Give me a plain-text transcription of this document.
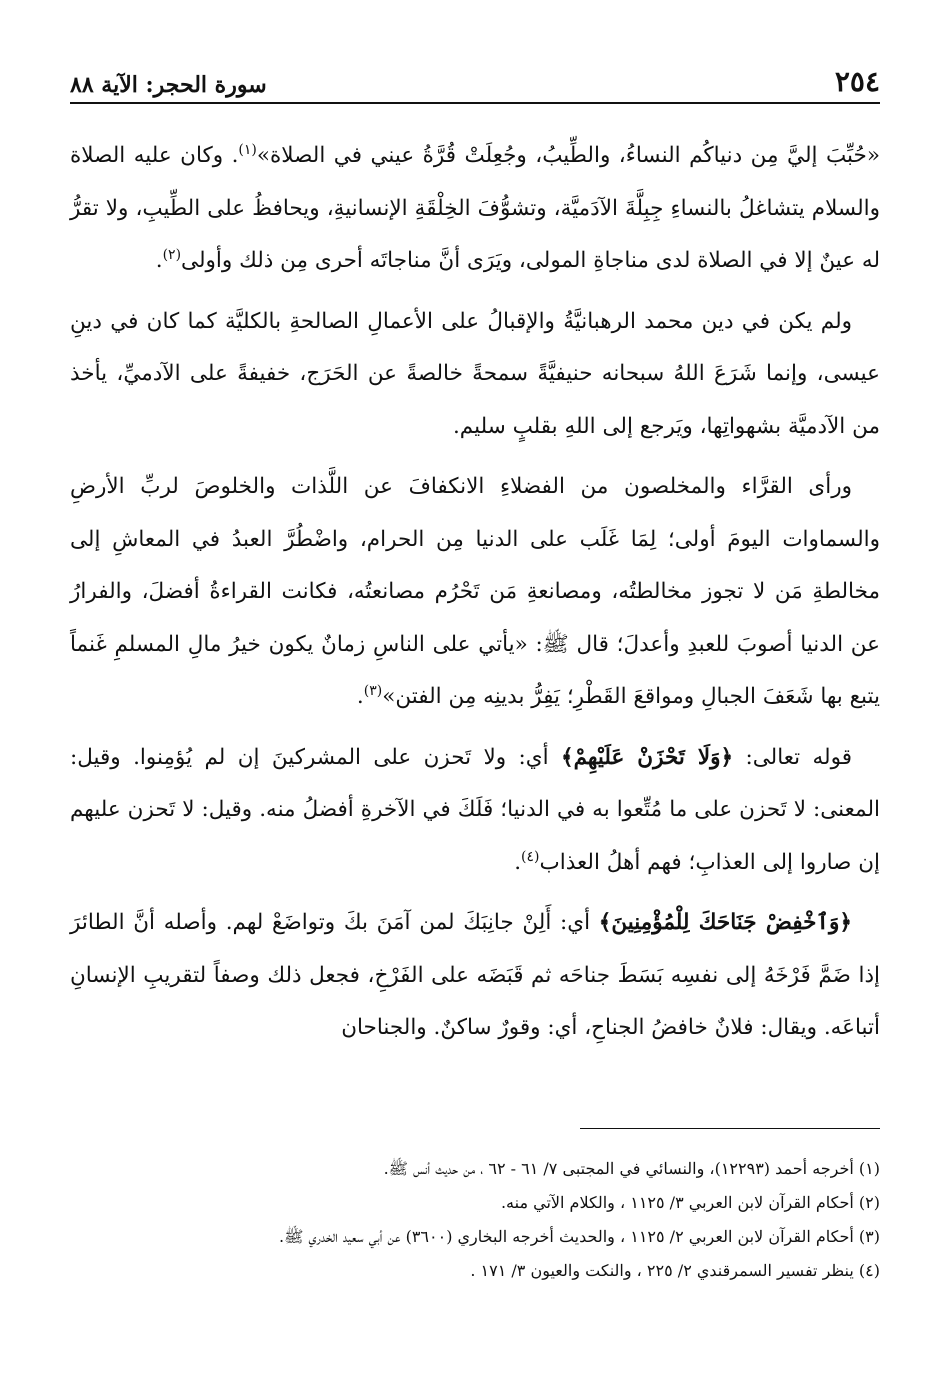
٢٥٤
سورة الحجر: الآية ٨٨

«حُبِّبَ إليَّ مِن دنياكُم النساءُ، والطِّيبُ، وجُعِلَتْ قُرَّةُ عيني في الصلاة»$^{(١)}$. وكان عليه الصلاة والسلام يتشاغلُ بالنساءِ جِبِلَّةَ الآدَميَّة، وتشوُّفَ الخِلْقَةِ الإنسانيةِ، ويحافظُ على الطِّيبِ، ولا تقرُّ له عينٌ إلا في الصلاة لدى مناجاةِ المولى، ويَرَى أنَّ مناجاتَه أحرى مِن ذلك وأولى$^{(٢)}$.

ولم يكن في دين محمد الرهبانيَّةُ والإقبالُ على الأعمالِ الصالحةِ بالكليَّة كما كان في دينِ عيسى، وإنما شَرَعَ اللهُ سبحانه حنيفيَّةً سمحةً خالصةً عن الحَرَج، خفيفةً على الآدميِّ، يأخذ من الآدميَّة بشهواتِها، ويَرجع إلى اللهِ بقلبٍ سليم.

ورأى القرَّاء والمخلصون من الفضلاءِ الانكفافَ عن اللَّذات والخلوصَ لربِّ الأرضِ والسماوات اليومَ أولى؛ لِمَا غَلَب على الدنيا مِن الحرام، واضْطُرَّ العبدُ في المعاشِ إلى مخالطةِ مَن لا تجوز مخالطتُه، ومصانعةِ مَن تَحْرُم مصانعتُه، فكانت القراءةُ أفضلَ، والفرارُ عن الدنيا أصوبَ للعبدِ وأعدلَ؛ قال ﷺ: «يأتي على الناسِ زمانٌ يكون خيرُ مالِ المسلمِ غَنماً يتبع بها شَعَفَ الجبالِ ومواقعَ القَطْرِ؛ يَفِرُّ بدينِه مِن الفتن»$^{(٣)}$.

قوله تعالى: ﴿وَلَا تَحْزَنْ عَلَيْهِمْ﴾ أي: ولا تَحزن على المشركينَ إن لم يُؤمِنوا. وقيل: المعنى: لا تَحزن على ما مُتِّعوا به في الدنيا؛ فَلَكَ في الآخرةِ أفضلُ منه. وقيل: لا تَحزن عليهم إن صاروا إلى العذابِ؛ فهم أهلُ العذاب$^{(٤)}$.

﴿وَٱخْفِضْ جَنَاحَكَ لِلْمُؤْمِنِينَ﴾ أي: أَلِنْ جانِبَكَ لمن آمَنَ بكَ وتواضَعْ لهم. وأصله أنَّ الطائرَ إذا ضَمَّ فَرْخَهُ إلى نفسِه بَسَطَ جناحَه ثم قَبَضَه على الفَرْخِ، فجعل ذلك وصفاً لتقريبِ الإنسانِ أتباعَه. ويقال: فلانٌ خافضُ الجناحِ، أي: وقورٌ ساكنٌ. والجناحان

(١) أخرجه أحمد (١٢٢٩٣)، والنسائي في المجتبى ٧/ ٦١ - ٦٢ ، من حديث أنس ﷺ.
(٢) أحكام القرآن لابن العربي ٣/ ١١٢٥ ، والكلام الآتي منه.
(٣) أحكام القرآن لابن العربي ٢/ ١١٢٥ ، والحديث أخرجه البخاري (٣٦٠٠) عن أبي سعيد الخدري ﷺ.
(٤) ينظر تفسير السمرقندي ٢/ ٢٢٥ ، والنكت والعيون ٣/ ١٧١ .
